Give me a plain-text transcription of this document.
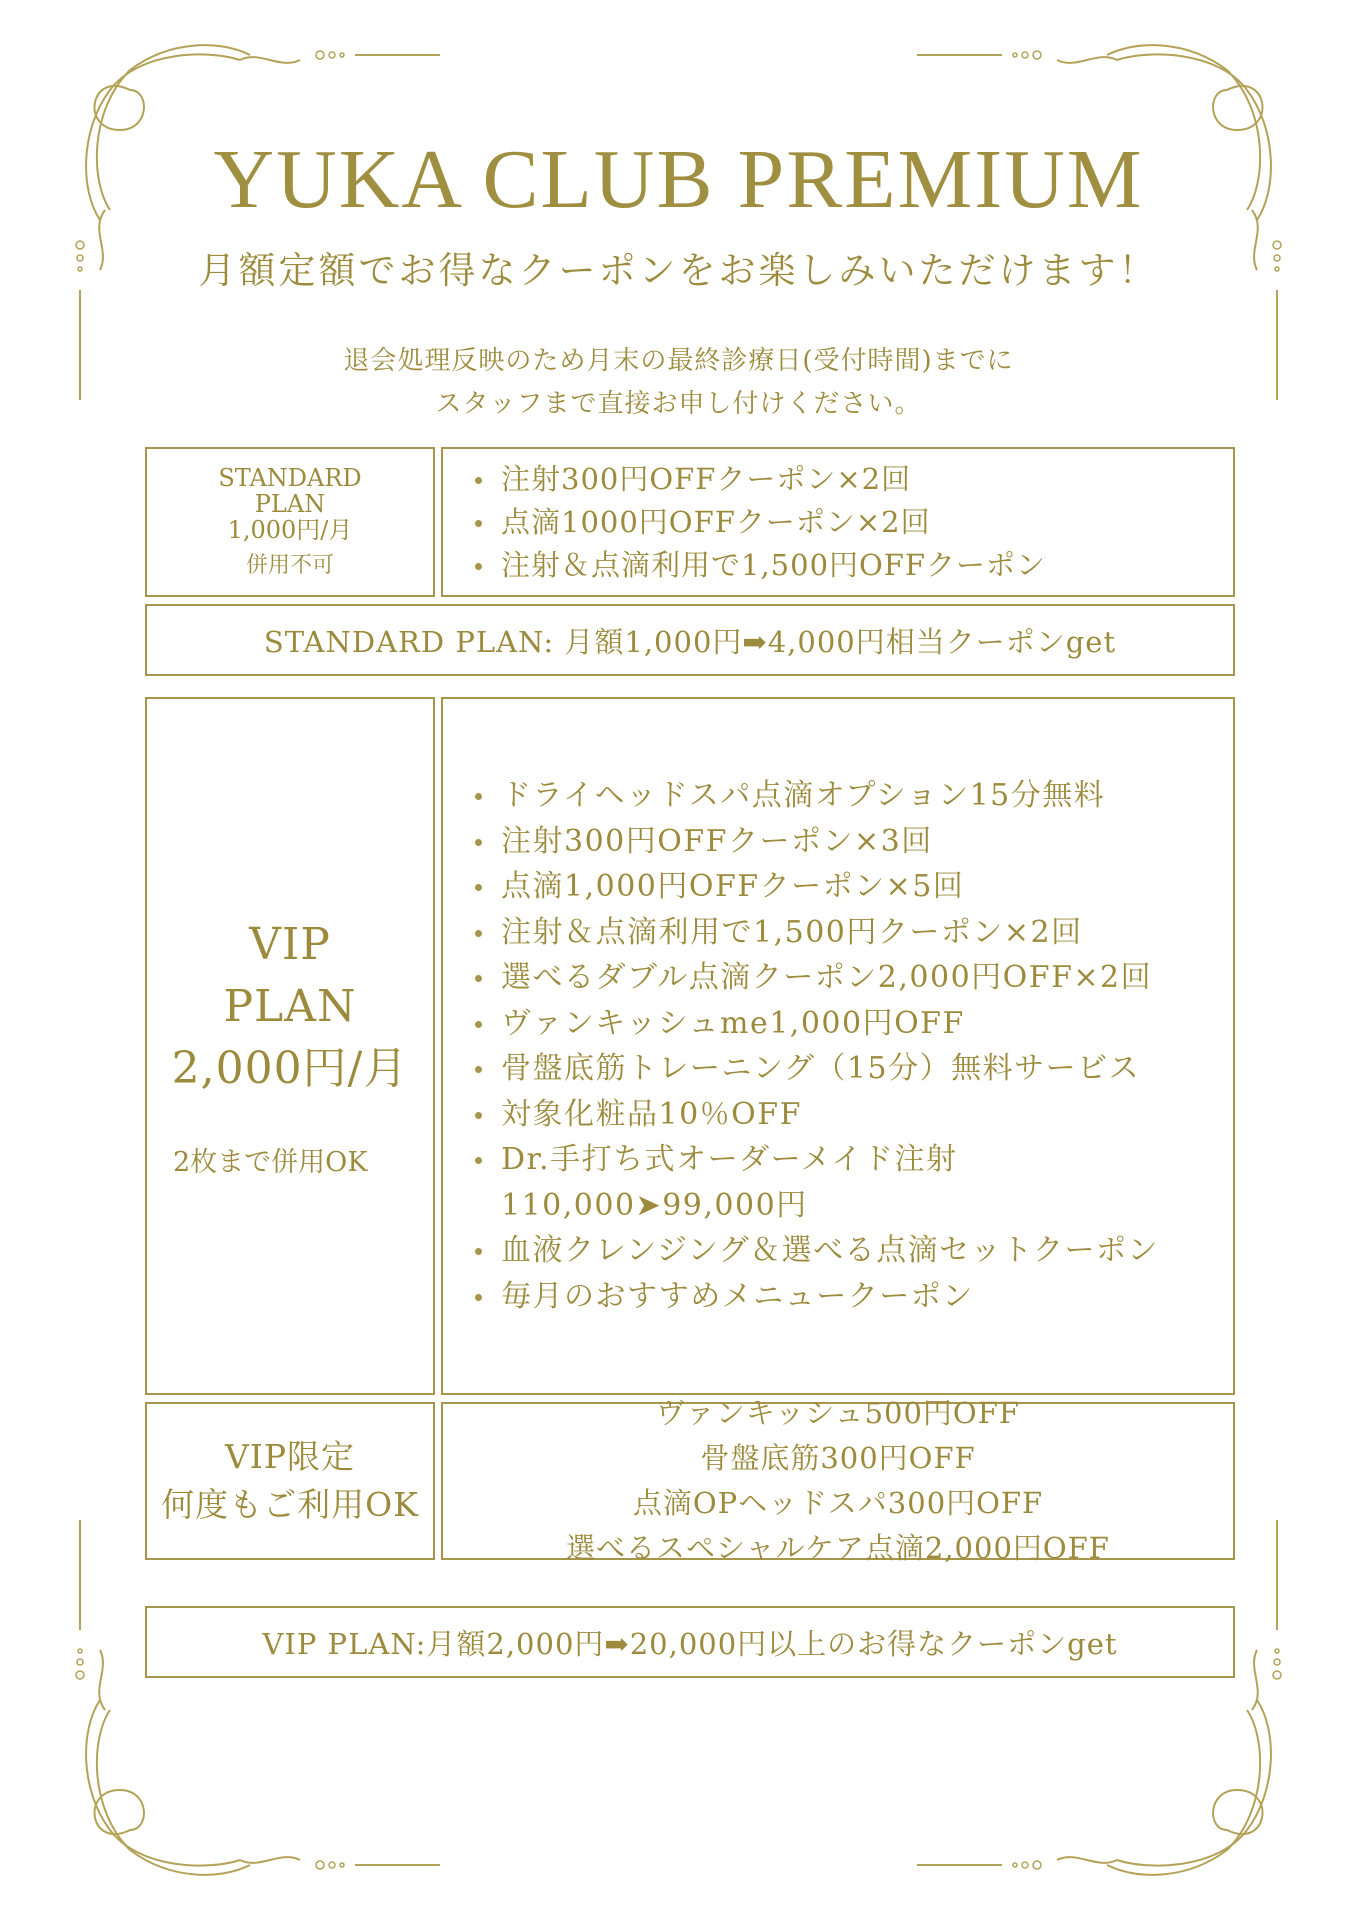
YUKA CLUB PREMIUM
月額定額でお得なクーポンをお楽しみいただけます！
退会処理反映のため月末の最終診療日(受付時間)までに
スタッフまで直接お申し付けください。
STANDARD
PLAN
1,000円/月
併用不可
注射300円OFFクーポン×2回
点滴1000円OFFクーポン×2回
注射＆点滴利用で1,500円OFFクーポン
STANDARD PLAN: 月額1,000円➡4,000円相当クーポンget
VIP
PLAN
2,000円/月
2枚まで併用OK
ドライヘッドスパ点滴オプション15分無料
注射300円OFFクーポン×3回
点滴1,000円OFFクーポン×5回
注射＆点滴利用で1,500円クーポン×2回
選べるダブル点滴クーポン2,000円OFF×2回
ヴァンキッシュme1,000円OFF
骨盤底筋トレーニング（15分）無料サービス
対象化粧品10％OFF
Dr.手打ち式オーダーメイド注射
110,000➤99,000円
血液クレンジング＆選べる点滴セットクーポン
毎月のおすすめメニュークーポン
VIP限定
何度もご利用OK
ヴァンキッシュ500円OFF
骨盤底筋300円OFF
点滴OPヘッドスパ300円OFF
選べるスペシャルケア点滴2,000円OFF
VIP PLAN:月額2,000円➡20,000円以上のお得なクーポンget
